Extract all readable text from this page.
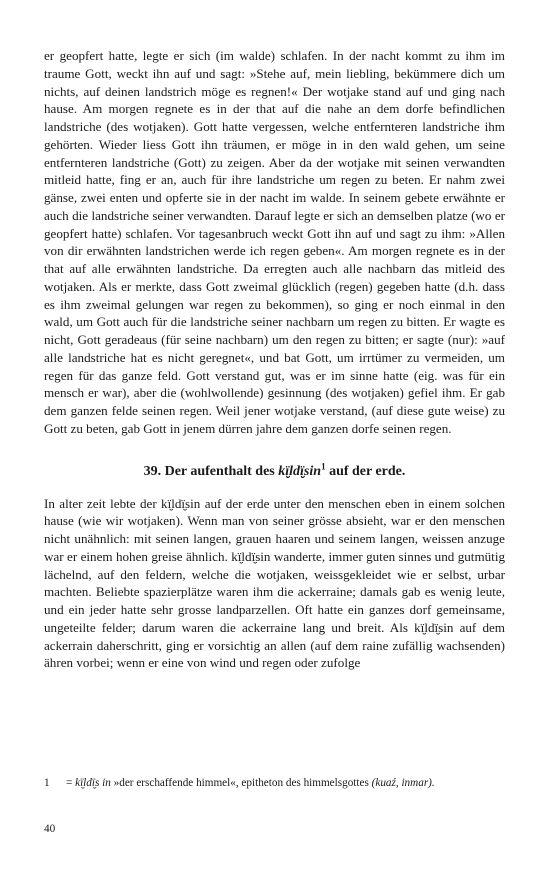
er geopfert hatte, legte er sich (im walde) schlafen. In der nacht kommt zu ihm im traume Gott, weckt ihn auf und sagt: »Stehe auf, mein liebling, bekümmere dich um nichts, auf deinen landstrich möge es regnen!« Der wotjake stand auf und ging nach hause. Am morgen regnete es in der that auf die nahe an dem dorfe befindlichen landstriche (des wotjaken). Gott hatte vergessen, welche entfernteren landstriche ihm gehörten. Wieder liess Gott ihn träumen, er möge in in den wald gehen, um seine entfernteren landstriche (Gott) zu zeigen. Aber da der wotjake mit seinen verwandten mitleid hatte, fing er an, auch für ihre landstriche um regen zu beten. Er nahm zwei gänse, zwei enten und opferte sie in der nacht im walde. In seinem gebete erwähnte er auch die landstriche seiner verwandten. Darauf legte er sich an demselben platze (wo er geopfert hatte) schlafen. Vor tagesanbruch weckt Gott ihn auf und sagt zu ihm: »Allen von dir erwähnten landstrichen werde ich regen geben«. Am morgen regnete es in der that auf alle erwähnten landstriche. Da erregten auch alle nachbarn das mitleid des wotjaken. Als er merkte, dass Gott zweimal glücklich (regen) gegeben hatte (d.h. dass es ihm zweimal gelungen war regen zu bekommen), so ging er noch einmal in den wald, um Gott auch für die landstriche seiner nachbarn um regen zu bitten. Er wagte es nicht, Gott geradeaus (für seine nachbarn) um den regen zu bitten; er sagte (nur): »auf alle landstriche hat es nicht geregnet«, und bat Gott, um irrtümer zu vermeiden, um regen für das ganze feld. Gott verstand gut, was er im sinne hatte (eig. was für ein mensch er war), aber die (wohlwollende) gesinnung (des wotjaken) gefiel ihm. Er gab dem ganzen felde seinen regen. Weil jener wotjake verstand, (auf diese gute weise) zu Gott zu beten, gab Gott in jenem dürren jahre dem ganzen dorfe seinen regen.

39. Der aufenthalt des $kï̮ldï̮\sin^1$ auf der erde.

In alter zeit lebte der kï̮ldï̮sin auf der erde unter den menschen eben in einem solchen hause (wie wir wotjaken). Wenn man von seiner grösse absieht, war er den menschen nicht unähnlich: mit seinen langen, grauen haaren und seinem langen, weissen anzuge war er einem hohen greise ähnlich. kï̮ldï̮sin wanderte, immer guten sinnes und gutmütig lächelnd, auf den feldern, welche die wotjaken, weissgekleidet wie er selbst, urbar machten. Beliebte spazierplätze waren ihm die ackerraine; damals gab es wenig leute, und ein jeder hatte sehr grosse landparzellen. Oft hatte ein ganzes dorf gemeinsame, ungeteilte felder; darum waren die ackerraine lang und breit. Als kï̮ldï̮sin auf dem ackerrain daherschritt, ging er vorsichtig an allen (auf dem raine zufällig wachsenden) ähren vorbei; wenn er eine von wind und regen oder zufolge

1 = kï̮ldï̮s in »der erschaffende himmel«, epitheton des himmelsgottes (kuaź, inmar).
40
